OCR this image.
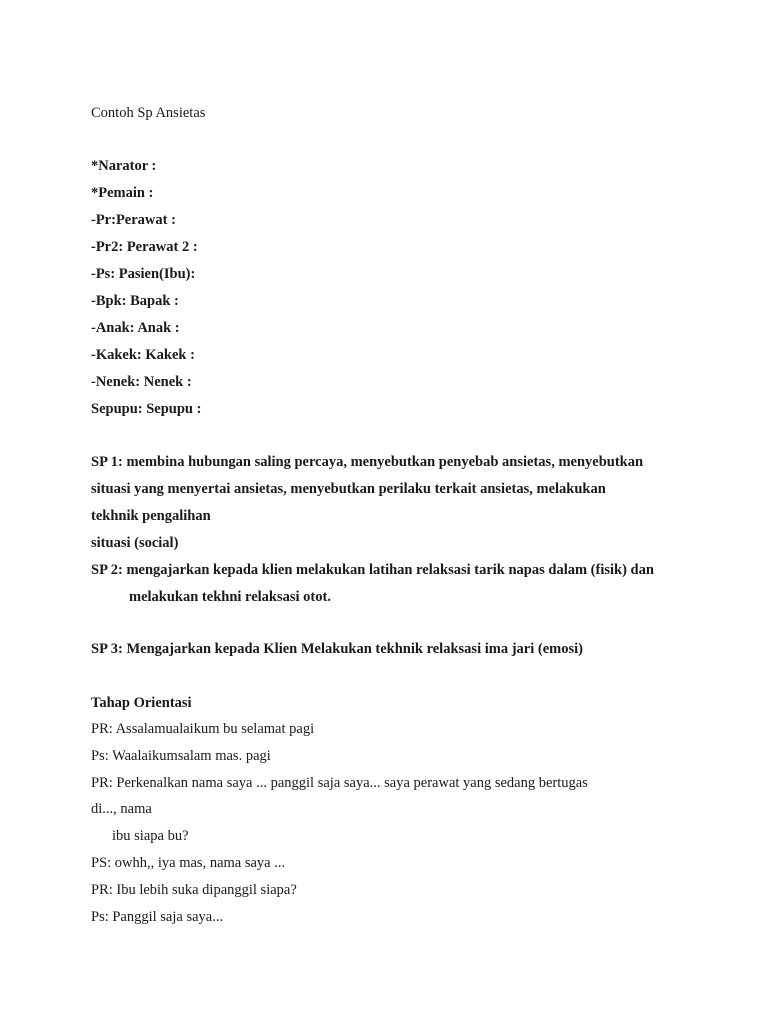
Contoh Sp Ansietas
*Narator :
*Pemain :
-Pr:Perawat :
-Pr2: Perawat 2 :
-Ps: Pasien(Ibu):
-Bpk: Bapak :
-Anak: Anak :
-Kakek: Kakek :
-Nenek: Nenek :
Sepupu: Sepupu :
SP 1: membina hubungan saling percaya, menyebutkan penyebab ansietas, menyebutkan
situasi yang menyertai ansietas, menyebutkan perilaku terkait ansietas, melakukan
tekhnik pengalihan
situasi (social)
SP 2: mengajarkan kepada klien melakukan latihan relaksasi tarik napas dalam (fisik) dan
melakukan tekhni relaksasi otot.
SP 3: Mengajarkan kepada Klien Melakukan tekhnik relaksasi ima jari (emosi)
Tahap Orientasi
PR: Assalamualaikum bu selamat pagi
Ps: Waalaikumsalam mas. pagi
PR: Perkenalkan nama saya ... panggil saja saya... saya perawat yang sedang bertugas
di..., nama
ibu siapa bu?
PS: owhh,, iya mas, nama saya ...
PR: Ibu lebih suka dipanggil siapa?
Ps: Panggil saja saya...
